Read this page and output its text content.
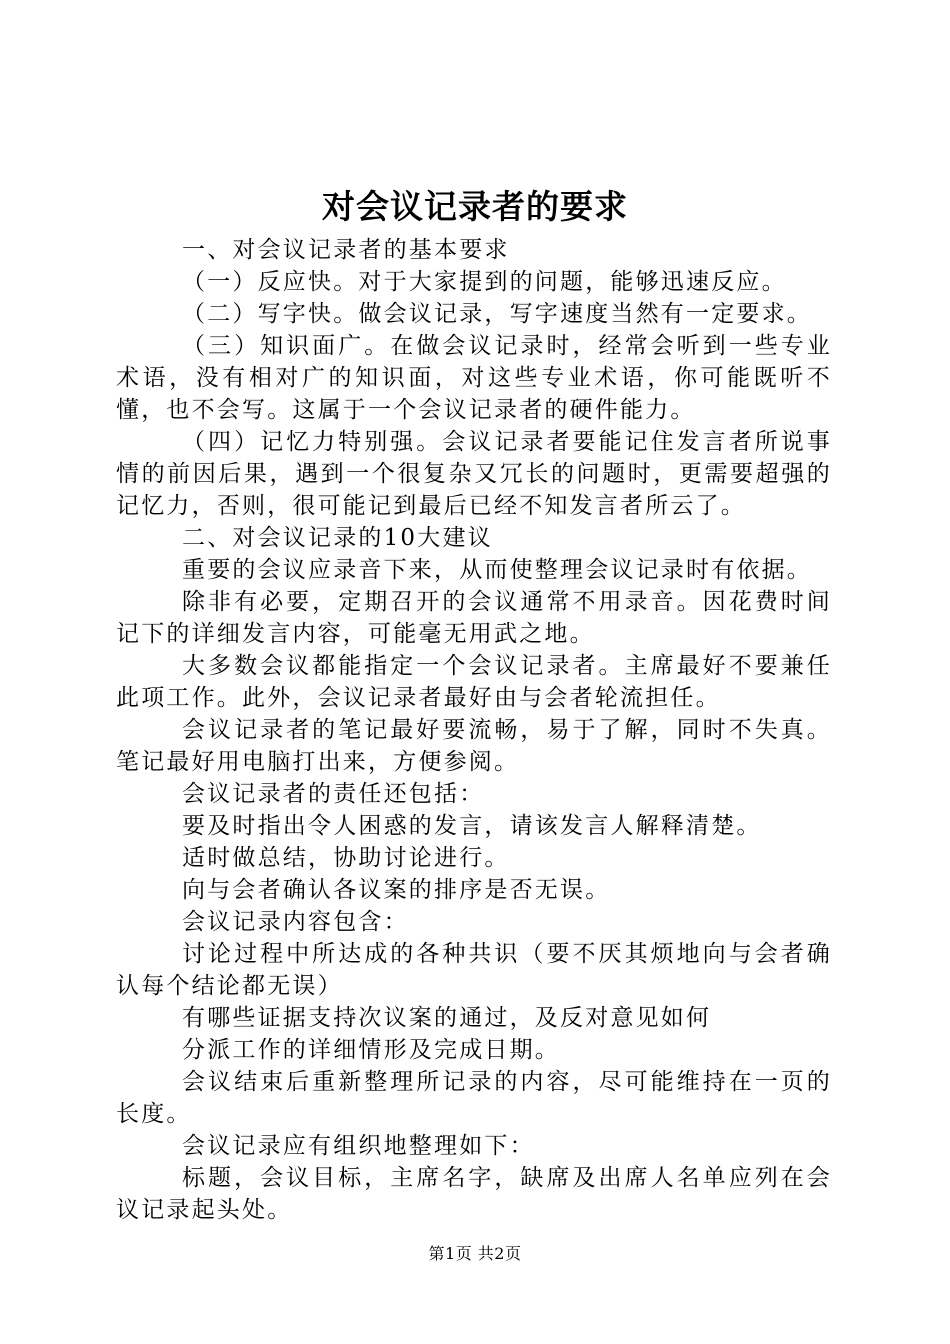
对会议记录者的要求

一、对会议记录者的基本要求

（一）反应快。对于大家提到的问题，能够迅速反应。

（二）写字快。做会议记录，写字速度当然有一定要求。

（三）知识面广。在做会议记录时，经常会听到一些专业术语，没有相对广的知识面，对这些专业术语，你可能既听不懂，也不会写。这属于一个会议记录者的硬件能力。

（四）记忆力特别强。会议记录者要能记住发言者所说事情的前因后果，遇到一个很复杂又冗长的问题时，更需要超强的记忆力，否则，很可能记到最后已经不知发言者所云了。

二、对会议记录的10大建议

重要的会议应录音下来，从而使整理会议记录时有依据。

除非有必要，定期召开的会议通常不用录音。因花费时间记下的详细发言内容，可能毫无用武之地。

大多数会议都能指定一个会议记录者。主席最好不要兼任此项工作。此外，会议记录者最好由与会者轮流担任。

会议记录者的笔记最好要流畅，易于了解，同时不失真。笔记最好用电脑打出来，方便参阅。

会议记录者的责任还包括：

要及时指出令人困惑的发言，请该发言人解释清楚。

适时做总结，协助讨论进行。

向与会者确认各议案的排序是否无误。

会议记录内容包含：

讨论过程中所达成的各种共识（要不厌其烦地向与会者确认每个结论都无误）

有哪些证据支持次议案的通过，及反对意见如何

分派工作的详细情形及完成日期。

会议结束后重新整理所记录的内容，尽可能维持在一页的长度。

会议记录应有组织地整理如下：

标题，会议目标，主席名字，缺席及出席人名单应列在会议记录起头处。

第1页 共2页
